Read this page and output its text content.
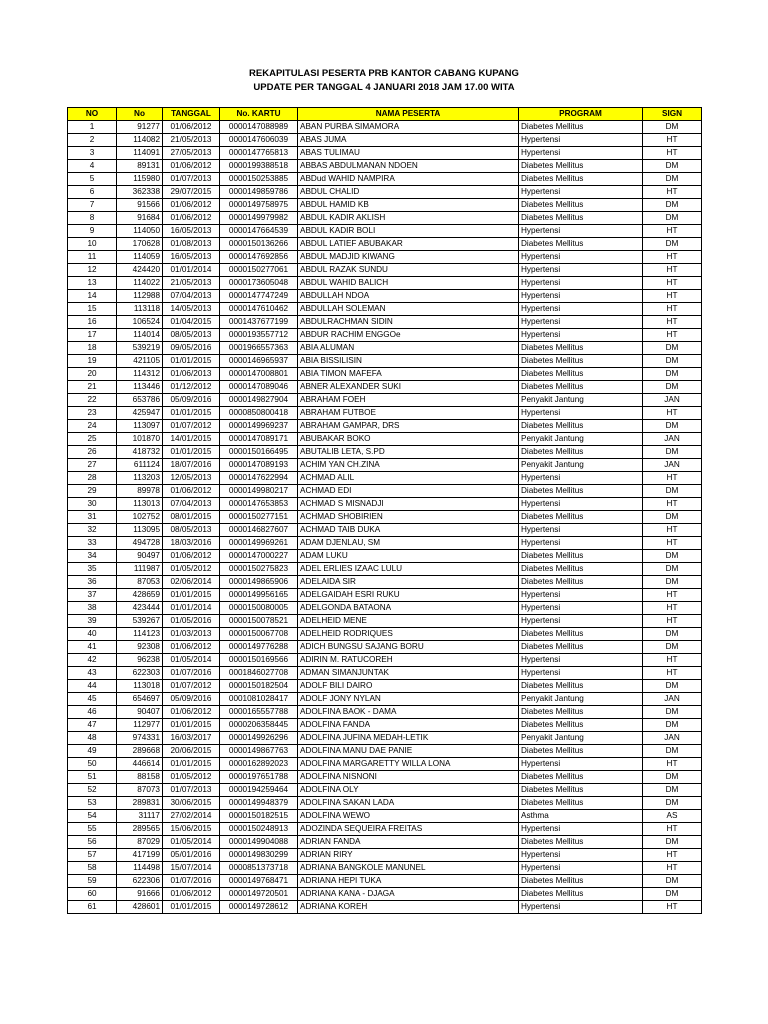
REKAPITULASI PESERTA PRB KANTOR CABANG KUPANG
UPDATE PER TANGGAL 4 JANUARI 2018 JAM 17.00 WITA
NO	No	TANGGAL	No. KARTU	NAMA PESERTA	PROGRAM	SIGN
1	91277	01/06/2012	0000147088989	ABAN PURBA SIMAMORA	Diabetes Mellitus	DM
2	114082	21/05/2013	0000147606039	ABAS JUMA	Hypertensi	HT
3	114091	27/05/2013	0000147765813	ABAS TULIMAU	Hypertensi	HT
4	89131	01/06/2012	0000199388518	ABBAS ABDULMANAN NDOEN	Diabetes Mellitus	DM
5	115980	01/07/2013	0000150253885	ABDud WAHID NAMPIRA	Diabetes Mellitus	DM
6	362338	29/07/2015	0000149859786	ABDUL CHALID	Hypertensi	HT
7	91566	01/06/2012	0000149758975	ABDUL HAMID KB	Diabetes Mellitus	DM
8	91684	01/06/2012	0000149979982	ABDUL KADIR AKLISH	Diabetes Mellitus	DM
9	114050	16/05/2013	0000147664539	ABDUL KADIR BOLI	Hypertensi	HT
10	170628	01/08/2013	0000150136266	ABDUL LATIEF ABUBAKAR	Diabetes Mellitus	DM
11	114059	16/05/2013	0000147692856	ABDUL MADJID KIWANG	Hypertensi	HT
12	424420	01/01/2014	0000150277061	ABDUL RAZAK SUNDU	Hypertensi	HT
13	114022	21/05/2013	0000173605048	ABDUL WAHID BALICH	Hypertensi	HT
14	112988	07/04/2013	0000147747249	ABDULLAH NDOA	Hypertensi	HT
15	113118	14/05/2013	0000147610462	ABDULLAH SOLEMAN	Hypertensi	HT
16	106524	01/04/2015	0001437677199	ABDULRACHMAN SIDIN	Hypertensi	HT
17	114014	08/05/2013	0000193557712	ABDUR RACHIM ENGGOe	Hypertensi	HT
18	539219	09/05/2016	0001966557363	ABIA ALUMAN	Diabetes Mellitus	DM
19	421105	01/01/2015	0000146965937	ABIA BISSILISIN	Diabetes Mellitus	DM
20	114312	01/06/2013	0000147008801	ABIA TIMON MAFEFA	Diabetes Mellitus	DM
21	113446	01/12/2012	0000147089046	ABNER ALEXANDER SUKI	Diabetes Mellitus	DM
22	653786	05/09/2016	0000149827904	ABRAHAM FOEH	Penyakit Jantung	JAN
23	425947	01/01/2015	0000850800418	ABRAHAM FUTBOE	Hypertensi	HT
24	113097	01/07/2012	0000149969237	ABRAHAM GAMPAR, DRS	Diabetes Mellitus	DM
25	101870	14/01/2015	0000147089171	ABUBAKAR BOKO	Penyakit Jantung	JAN
26	418732	01/01/2015	0000150166495	ABUTALIB LETA, S.PD	Diabetes Mellitus	DM
27	611124	18/07/2016	0000147089193	ACHIM YAN CH.ZINA	Penyakit Jantung	JAN
28	113203	12/05/2013	0000147622994	ACHMAD ALIL	Hypertensi	HT
29	89978	01/06/2012	0000149980217	ACHMAD EDI	Diabetes Mellitus	DM
30	113013	07/04/2013	0000147653853	ACHMAD S MISNADJI	Hypertensi	HT
31	102752	08/01/2015	0000150277151	ACHMAD SHOBIRIEN	Diabetes Mellitus	DM
32	113095	08/05/2013	0000146827607	ACHMAD TAIB DUKA	Hypertensi	HT
33	494728	18/03/2016	0000149969261	ADAM DJENLAU, SM	Hypertensi	HT
34	90497	01/06/2012	0000147000227	ADAM LUKU	Diabetes Mellitus	DM
35	111987	01/05/2012	0000150275823	ADEL ERLIES IZAAC LULU	Diabetes Mellitus	DM
36	87053	02/06/2014	0000149865906	ADELAIDA SIR	Diabetes Mellitus	DM
37	428659	01/01/2015	0000149956165	ADELGAIDAH ESRI RUKU	Hypertensi	HT
38	423444	01/01/2014	0000150080005	ADELGONDA BATAONA	Hypertensi	HT
39	539267	01/05/2016	0000150078521	ADELHEID MENE	Hypertensi	HT
40	114123	01/03/2013	0000150067708	ADELHEID RODRIQUES	Diabetes Mellitus	DM
41	92308	01/06/2012	0000149776288	ADICH BUNGSU SAJANG BORU	Diabetes Mellitus	DM
42	96238	01/05/2014	0000150169566	ADIRIN M. RATUCOREH	Hypertensi	HT
43	622303	01/07/2016	0001846027708	ADMAN SIMANJUNTAK	Hypertensi	HT
44	113018	01/07/2012	0000150182504	ADOLF BILI DAIRO	Diabetes Mellitus	DM
45	654697	05/09/2016	0001081028417	ADOLF JONY NYLAN	Penyakit Jantung	JAN
46	90407	01/06/2012	0000165557788	ADOLFINA BAOK - DAMA	Diabetes Mellitus	DM
47	112977	01/01/2015	0000206358445	ADOLFINA FANDA	Diabetes Mellitus	DM
48	974331	16/03/2017	0000149926296	ADOLFINA JUFINA MEDAH-LETIK	Penyakit Jantung	JAN
49	289668	20/06/2015	0000149867763	ADOLFINA MANU DAE PANIE	Diabetes Mellitus	DM
50	446614	01/01/2015	0000162892023	ADOLFINA MARGARETTY WILLA LONA	Hypertensi	HT
51	88158	01/05/2012	0000197651788	ADOLFINA NISNONI	Diabetes Mellitus	DM
52	87073	01/07/2013	0000194259464	ADOLFINA OLY	Diabetes Mellitus	DM
53	289831	30/06/2015	0000149948379	ADOLFINA SAKAN LADA	Diabetes Mellitus	DM
54	31117	27/02/2014	0000150182515	ADOLFINA WEWO	Asthma	AS
55	289565	15/06/2015	0000150248913	ADOZINDA SEQUEIRA FREITAS	Hypertensi	HT
56	87029	01/05/2014	0000149904088	ADRIAN FANDA	Diabetes Mellitus	DM
57	417199	05/01/2016	0000149830299	ADRIAN RIRY	Hypertensi	HT
58	114498	15/07/2014	0000851373718	ADRIANA BANGKOLE MANUNEL	Hypertensi	HT
59	622306	01/07/2016	0000149768471	ADRIANA HEPI TUKA	Diabetes Mellitus	DM
60	91666	01/06/2012	0000149720501	ADRIANA KANA - DJAGA	Diabetes Mellitus	DM
61	428601	01/01/2015	0000149728612	ADRIANA KOREH	Hypertensi	HT
